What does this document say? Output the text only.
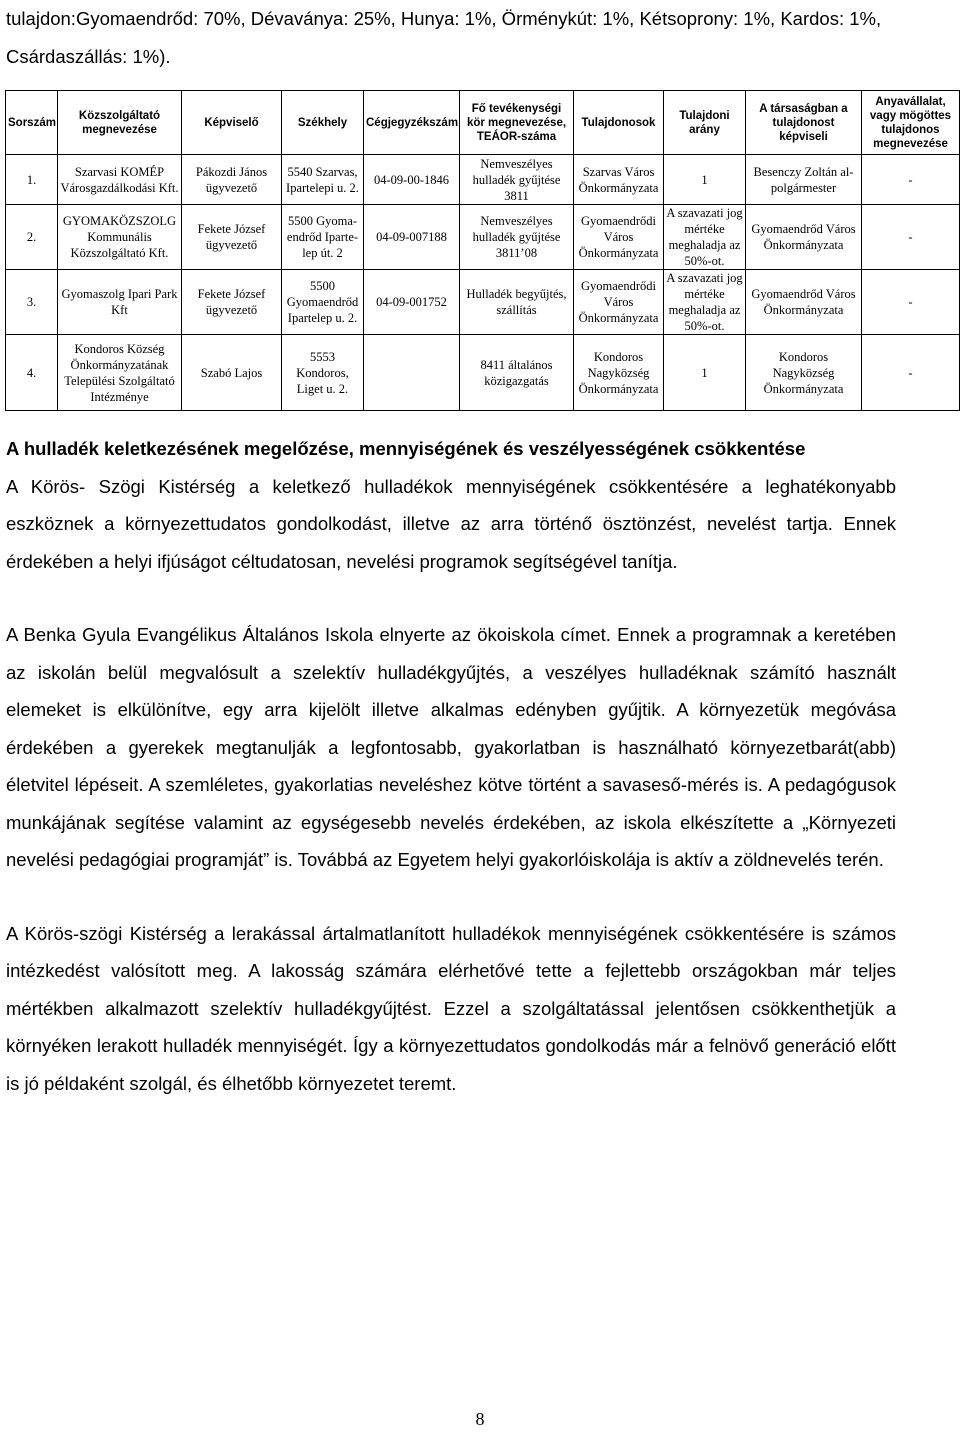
tulajdon:Gyomaendrőd: 70%, Dévaványa: 25%, Hunya: 1%, Örménykút: 1%, Kétsoprony: 1%, Kardos: 1%, Csárdaszállás: 1%).
Sorszám	Közszolgáltató megnevezése	Képviselő	Székhely	Cégjegyzékszám	Fő tevékenységi kör megnevezése, TEÁOR-száma	Tulajdonosok	Tulajdoni arány	A társaságban a tulajdonost képviseli	Anyavállalat, vagy mögöttes tulajdonos megnevezése
1.	Szarvasi KOMÉP Városgazdálkodási Kft.	Pákozdi János ügyvezető	5540 Szarvas, Ipartelepi u. 2.	04-09-00-1846	Nemveszélyes hulladék gyűjtése 3811	Szarvas Város Önkormányzata	1	Besenczy Zoltán al-polgármester	-
2.	GYOMAKÖZSZOLG Kommunális Közszolgáltató Kft.	Fekete József ügyvezető	5500 Gyoma-endrőd Iparte-lep út. 2	04-09-007188	Nemveszélyes hulladék gyűjtése 3811’08	Gyomaendrődi Város Önkormányzata	A szavazati jog mértéke meghaladja az 50%-ot.	Gyomaendrőd Város Önkormányzata	-
3.	Gyomaszolg Ipari Park Kft	Fekete József ügyvezető	5500 Gyomaendrőd Ipartelep u. 2.	04-09-001752	Hulladék begyűjtés, szállítás	Gyomaendrődi Város Önkormányzata	A szavazati jog mértéke meghaladja az 50%-ot.	Gyomaendrőd Város Önkormányzata	-
4.	Kondoros Község Önkormányzatának Települési Szolgáltató Intézménye	Szabó Lajos	5553 Kondoros, Liget u. 2.		8411 általános közigazgatás	Kondoros Nagyközség Önkormányzata	1	Kondoros Nagyközség Önkormányzata	-
A hulladék keletkezésének megelőzése, mennyiségének és veszélyességének csökkentése

A Körös- Szögi Kistérség a keletkező hulladékok mennyiségének csökkentésére a leghatékonyabb eszköznek a környezettudatos gondolkodást, illetve az arra történő ösztönzést, nevelést tartja. Ennek érdekében a helyi ifjúságot céltudatosan, nevelési programok segítségével tanítja.

A Benka Gyula Evangélikus Általános Iskola elnyerte az ökoiskola címet. Ennek a programnak a keretében az iskolán belül megvalósult a szelektív hulladékgyűjtés, a veszélyes hulladéknak számító használt elemeket is elkülönítve, egy arra kijelölt illetve alkalmas edényben gyűjtik. A környezetük megóvása érdekében a gyerekek megtanulják a legfontosabb, gyakorlatban is használható környezetbarát(abb) életvitel lépéseit. A szemléletes, gyakorlatias neveléshez kötve történt a savaseső-mérés is. A pedagógusok munkájának segítése valamint az egységesebb nevelés érdekében, az iskola elkészítette a „Környezeti nevelési pedagógiai programját” is. Továbbá az Egyetem helyi gyakorlóiskolája is aktív a zöldnevelés terén.

A Körös-szögi Kistérség a lerakással ártalmatlanított hulladékok mennyiségének csökkentésére is számos intézkedést valósított meg. A lakosság számára elérhetővé tette a fejlettebb országokban már teljes mértékben alkalmazott szelektív hulladékgyűjtést. Ezzel a szolgáltatással jelentősen csökkenthetjük a környéken lerakott hulladék mennyiségét. Így a környezettudatos gondolkodás már a felnövő generáció előtt is jó példaként szolgál, és élhetőbb környezetet teremt.

8
